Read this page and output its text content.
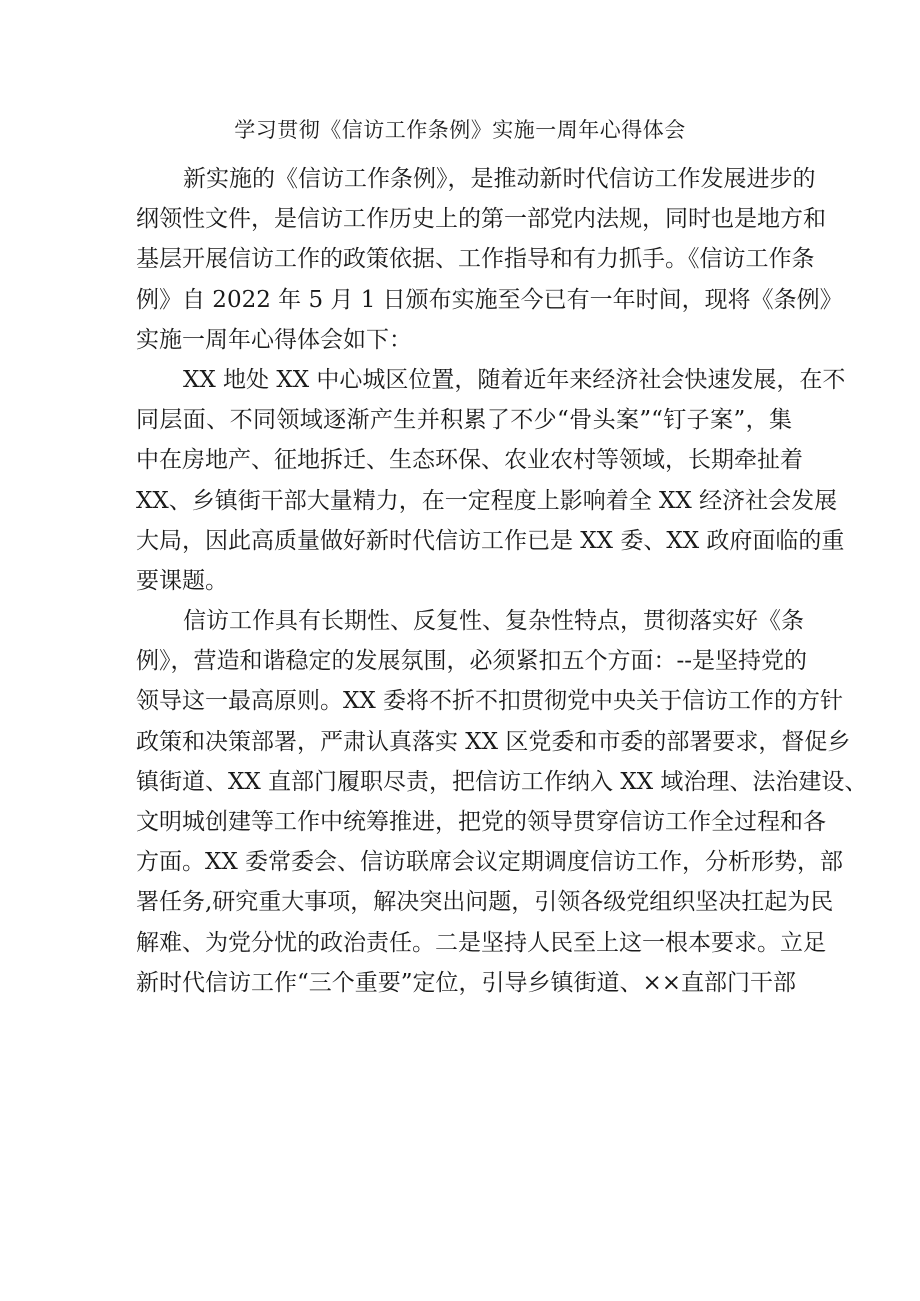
学习贯彻《信访工作条例》实施一周年心得体会
新实施的《信访工作条例》，是推动新时代信访工作发展进步的
纲领性文件，是信访工作历史上的第一部党内法规，同时也是地方和
基层开展信访工作的政策依据、工作指导和有力抓手。《信访工作条
例》自 2022 年 5 月 1 日颁布实施至今已有一年时间，现将《条例》
实施一周年心得体会如下：
XX 地处 XX 中心城区位置，随着近年来经济社会快速发展，在不
同层面、不同领域逐渐产生并积累了不少“骨头案”“钉子案”，集
中在房地产、征地拆迁、生态环保、农业农村等领域，长期牵扯着
XX、乡镇街干部大量精力，在一定程度上影响着全 XX 经济社会发展
大局，因此高质量做好新时代信访工作已是 XX 委、XX 政府面临的重
要课题。
信访工作具有长期性、反复性、复杂性特点，贯彻落实好《条
例》，营造和谐稳定的发展氛围，必须紧扣五个方面：--是坚持党的
领导这一最高原则。XX 委将不折不扣贯彻党中央关于信访工作的方针
政策和决策部署，严肃认真落实 XX 区党委和市委的部署要求，督促乡
镇街道、XX 直部门履职尽责，把信访工作纳入 XX 域治理、法治建设、
文明城创建等工作中统筹推进，把党的领导贯穿信访工作全过程和各
方面。XX 委常委会、信访联席会议定期调度信访工作，分析形势，部
署任务,研究重大事项，解决突出问题，引领各级党组织坚决扛起为民
解难、为党分忧的政治责任。二是坚持人民至上这一根本要求。立足
新时代信访工作“三个重要”定位，引导乡镇街道、××直部门干部
